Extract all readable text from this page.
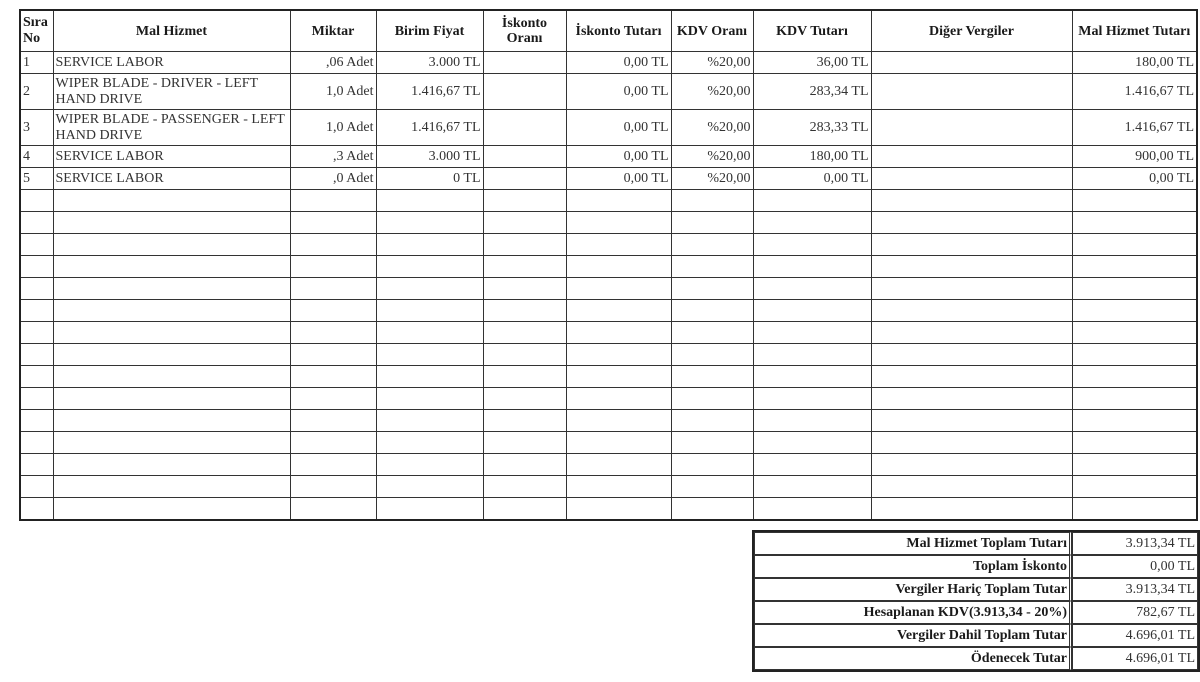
Sıra No	Mal Hizmet	Miktar	Birim Fiyat	İskonto Oranı	İskonto Tutarı	KDV Oranı	KDV Tutarı	Diğer Vergiler	Mal Hizmet Tutarı
1	SERVICE LABOR	,06 Adet	3.000 TL		0,00 TL	%20,00	36,00 TL		180,00 TL
2	WIPER BLADE - DRIVER - LEFT HAND DRIVE	1,0 Adet	1.416,67 TL		0,00 TL	%20,00	283,34 TL		1.416,67 TL
3	WIPER BLADE - PASSENGER - LEFT HAND DRIVE	1,0 Adet	1.416,67 TL		0,00 TL	%20,00	283,33 TL		1.416,67 TL
4	SERVICE LABOR	,3 Adet	3.000 TL		0,00 TL	%20,00	180,00 TL		900,00 TL
5	SERVICE LABOR	,0 Adet	0 TL		0,00 TL	%20,00	0,00 TL		0,00 TL

Mal Hizmet Toplam Tutarı	3.913,34 TL
Toplam İskonto	0,00 TL
Vergiler Hariç Toplam Tutar	3.913,34 TL
Hesaplanan KDV(3.913,34 - 20%)	782,67 TL
Vergiler Dahil Toplam Tutar	4.696,01 TL
Ödenecek Tutar	4.696,01 TL
